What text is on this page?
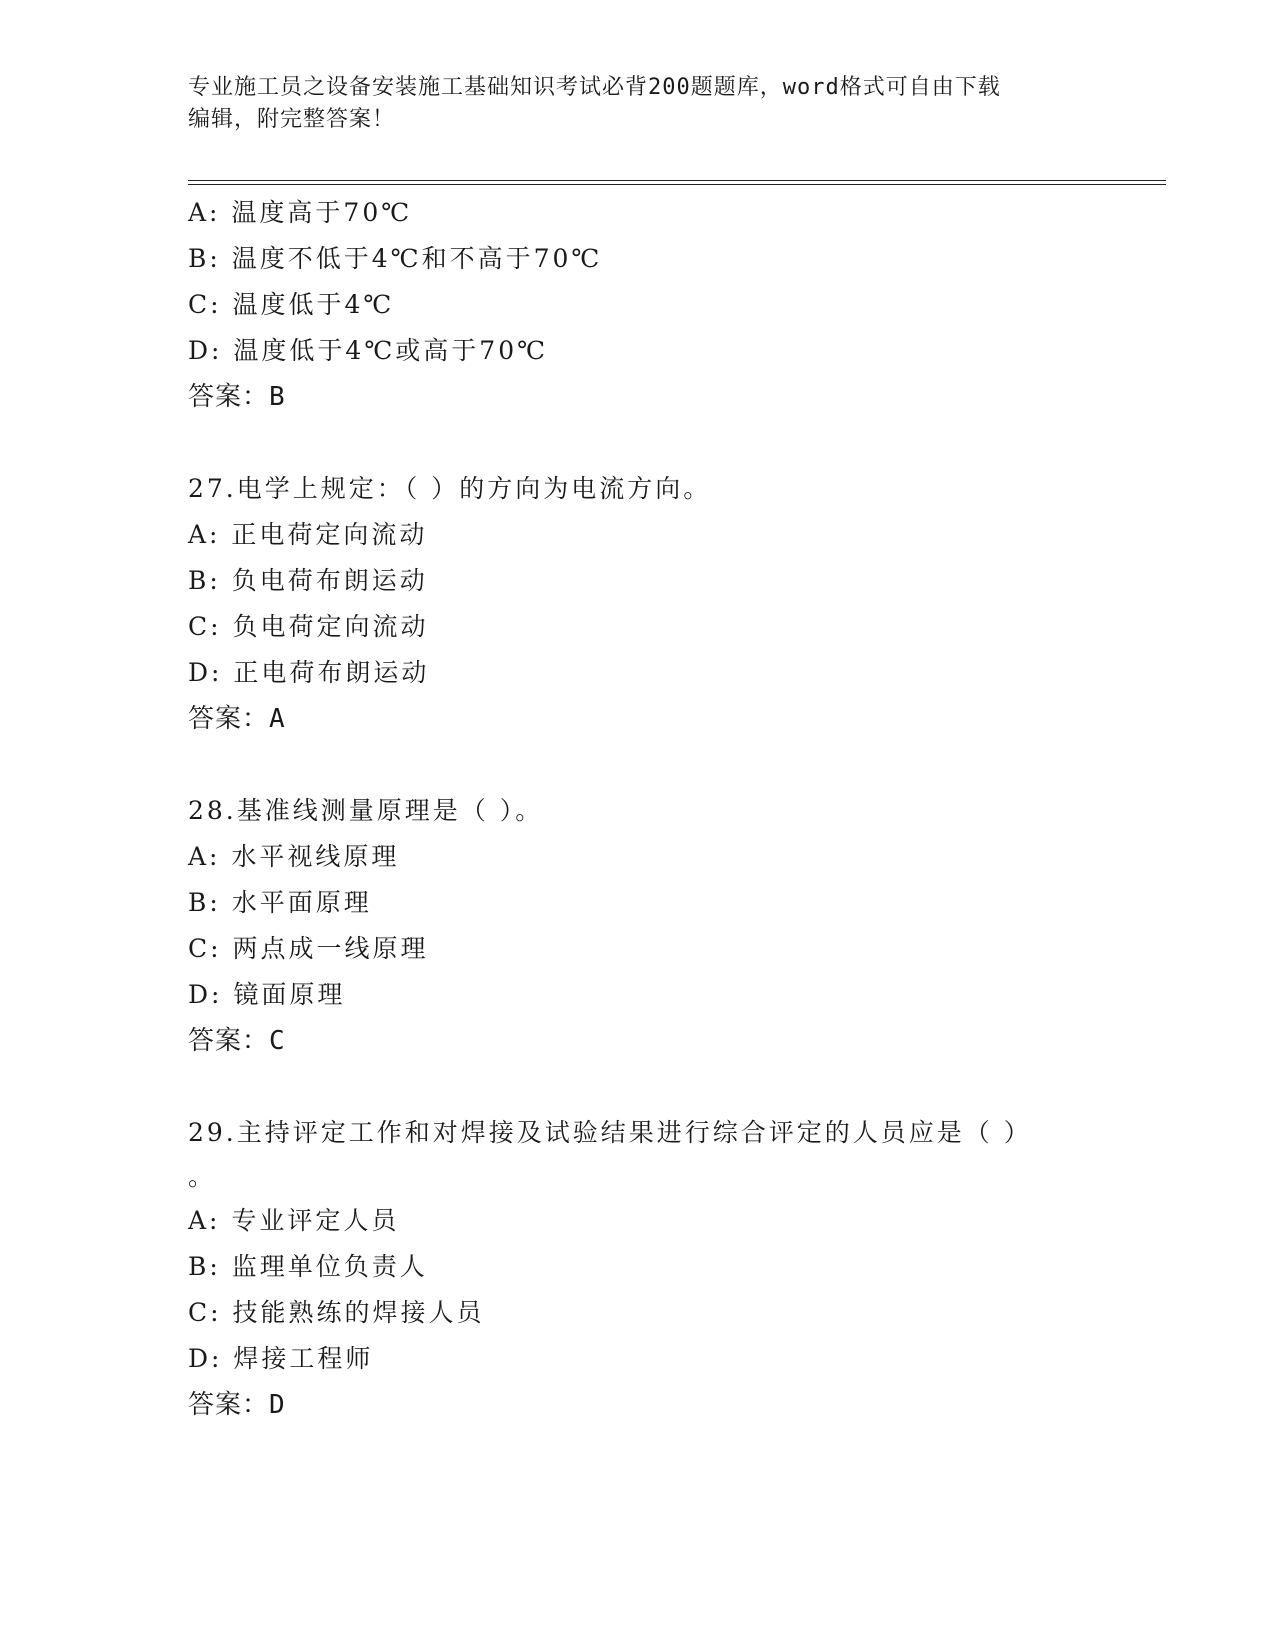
专业施工员之设备安装施工基础知识考试必背200题题库，word格式可自由下载
编辑，附完整答案！
A: 温度高于70℃
B: 温度不低于4℃和不高于70℃
C: 温度低于4℃
D: 温度低于4℃或高于70℃
答案：B
27.电学上规定：（ ）的方向为电流方向。
A: 正电荷定向流动
B: 负电荷布朗运动
C: 负电荷定向流动
D: 正电荷布朗运动
答案：A
28.基准线测量原理是（ ）。
A: 水平视线原理
B: 水平面原理
C: 两点成一线原理
D: 镜面原理
答案：C
29.主持评定工作和对焊接及试验结果进行综合评定的人员应是（ ）
。
A: 专业评定人员
B: 监理单位负责人
C: 技能熟练的焊接人员
D: 焊接工程师
答案：D
